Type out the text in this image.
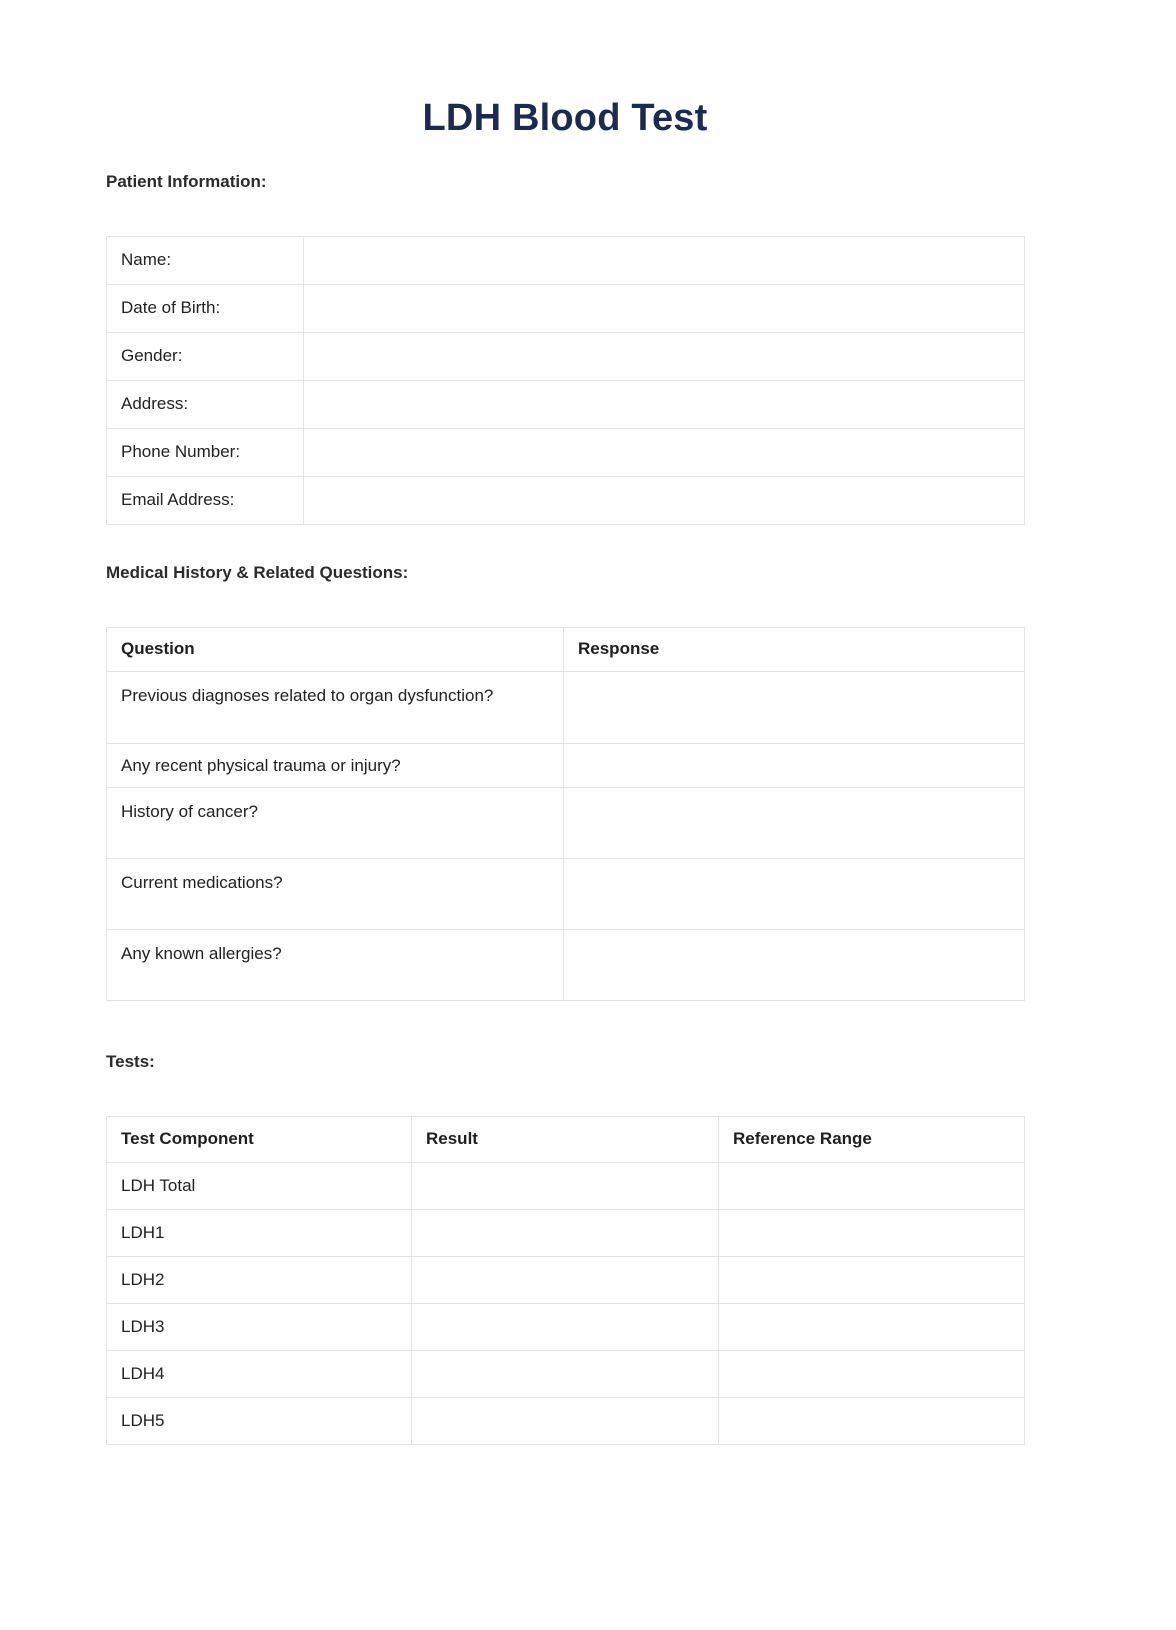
LDH Blood Test
Patient Information:
Name:	
Date of Birth:	
Gender:	
Address:	
Phone Number:	
Email Address:	
Medical History & Related Questions:
Question	Response
Previous diagnoses related to organ dysfunction?	
Any recent physical trauma or injury?	
History of cancer?	
Current medications?	
Any known allergies?	
Tests:
Test Component	Result	Reference Range
LDH Total		
LDH1		
LDH2		
LDH3		
LDH4		
LDH5		
